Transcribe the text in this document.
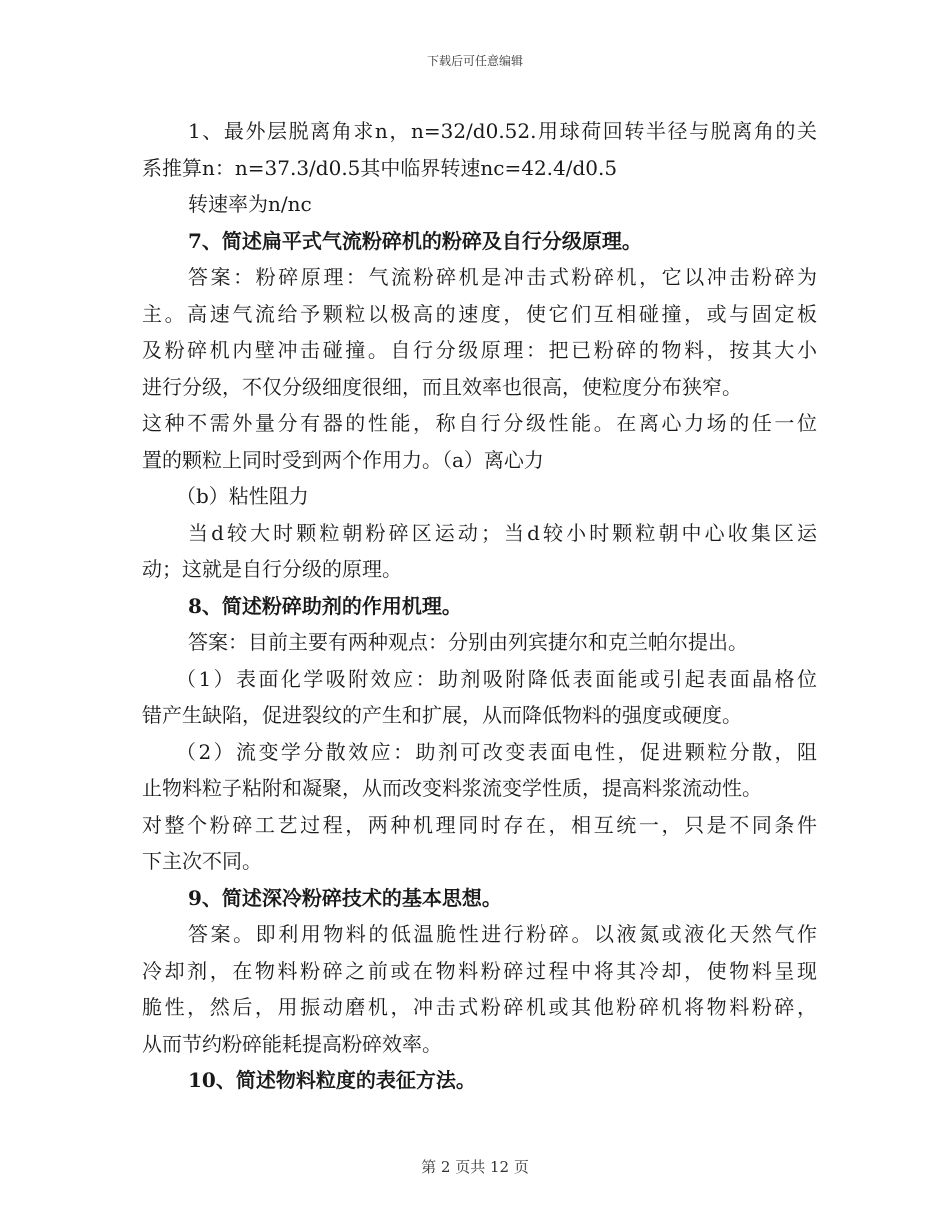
下载后可任意编辑
1、最外层脱离角求n，n=32/d0.52.用球荷回转半径与脱离角的关
系推算n：n=37.3/d0.5其中临界转速nc=42.4/d0.5
转速率为n/nc
7、简述扁平式气流粉碎机的粉碎及自行分级原理。
答案：粉碎原理：气流粉碎机是冲击式粉碎机，它以冲击粉碎为
主。高速气流给予颗粒以极高的速度，使它们互相碰撞，或与固定板
及粉碎机内壁冲击碰撞。自行分级原理：把已粉碎的物料，按其大小
进行分级，不仅分级细度很细，而且效率也很高，使粒度分布狭窄。
这种不需外量分有器的性能，称自行分级性能。在离心力场的任一位
置的颗粒上同时受到两个作用力。（a）离心力
（b）粘性阻力
当d较大时颗粒朝粉碎区运动；当d较小时颗粒朝中心收集区运
动；这就是自行分级的原理。
8、简述粉碎助剂的作用机理。
答案：目前主要有两种观点：分别由列宾捷尔和克兰帕尔提出。
（1）表面化学吸附效应：助剂吸附降低表面能或引起表面晶格位
错产生缺陷，促进裂纹的产生和扩展，从而降低物料的强度或硬度。
（2）流变学分散效应：助剂可改变表面电性，促进颗粒分散，阻
止物料粒子粘附和凝聚，从而改变料浆流变学性质，提高料浆流动性。
对整个粉碎工艺过程，两种机理同时存在，相互统一，只是不同条件
下主次不同。
9、简述深冷粉碎技术的基本思想。
答案。即利用物料的低温脆性进行粉碎。以液氮或液化天然气作
冷却剂，在物料粉碎之前或在物料粉碎过程中将其冷却，使物料呈现
脆性，然后，用振动磨机，冲击式粉碎机或其他粉碎机将物料粉碎，
从而节约粉碎能耗提高粉碎效率。
10、简述物料粒度的表征方法。
第 2 页共 12 页
